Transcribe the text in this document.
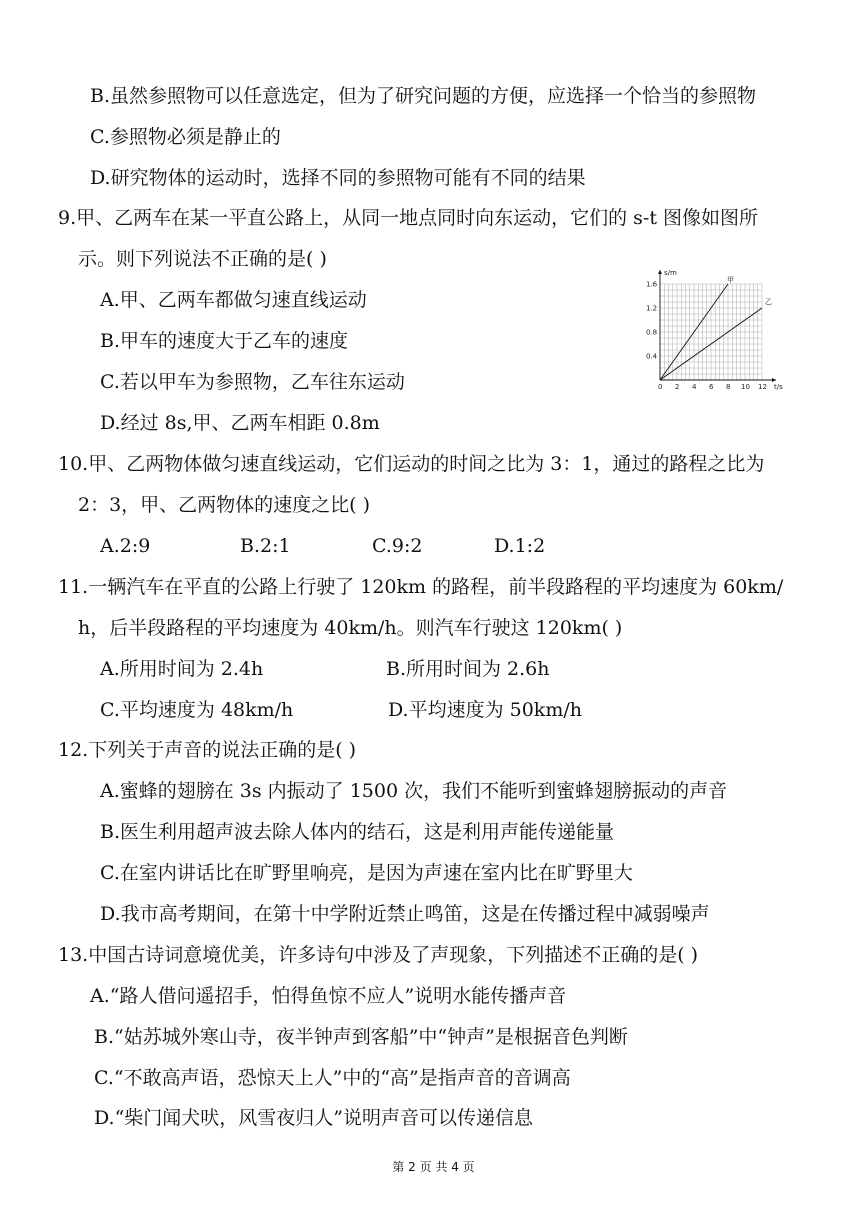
B.虽然参照物可以任意选定，但为了研究问题的方便，应选择一个恰当的参照物
C.参照物必须是静止的
D.研究物体的运动时，选择不同的参照物可能有不同的结果
9.甲、乙两车在某一平直公路上，从同一地点同时向东运动，它们的 s-t 图像如图所
示。则下列说法不正确的是( )
A.甲、乙两车都做匀速直线运动
B.甲车的速度大于乙车的速度
C.若以甲车为参照物，乙车往东运动
D.经过 8s,甲、乙两车相距 0.8m
s/m
t/s
0 2 4 6 8 10 12
0.4
0.8
1.2
1.6
甲
乙
10.甲、乙两物体做匀速直线运动，它们运动的时间之比为 3：1，通过的路程之比为
2：3，甲、乙两物体的速度之比( )
A.2:9	B.2:1	C.9:2	D.1:2
11.一辆汽车在平直的公路上行驶了 120km 的路程，前半段路程的平均速度为 60km/
h，后半段路程的平均速度为 40km/h。则汽车行驶这 120km( )
A.所用时间为 2.4h	B.所用时间为 2.6h
C.平均速度为 48km/h	D.平均速度为 50km/h
12.下列关于声音的说法正确的是( )
A.蜜蜂的翅膀在 3s 内振动了 1500 次，我们不能听到蜜蜂翅膀振动的声音
B.医生利用超声波去除人体内的结石，这是利用声能传递能量
C.在室内讲话比在旷野里响亮，是因为声速在室内比在旷野里大
D.我市高考期间，在第十中学附近禁止鸣笛，这是在传播过程中减弱噪声
13.中国古诗词意境优美，许多诗句中涉及了声现象，下列描述不正确的是( )
A.“路人借问遥招手，怕得鱼惊不应人”说明水能传播声音
B.“姑苏城外寒山寺，夜半钟声到客船”中“钟声”是根据音色判断
C.“不敢高声语，恐惊天上人”中的“高”是指声音的音调高
D.“柴门闻犬吠，风雪夜归人”说明声音可以传递信息
第 2 页 共 4 页
